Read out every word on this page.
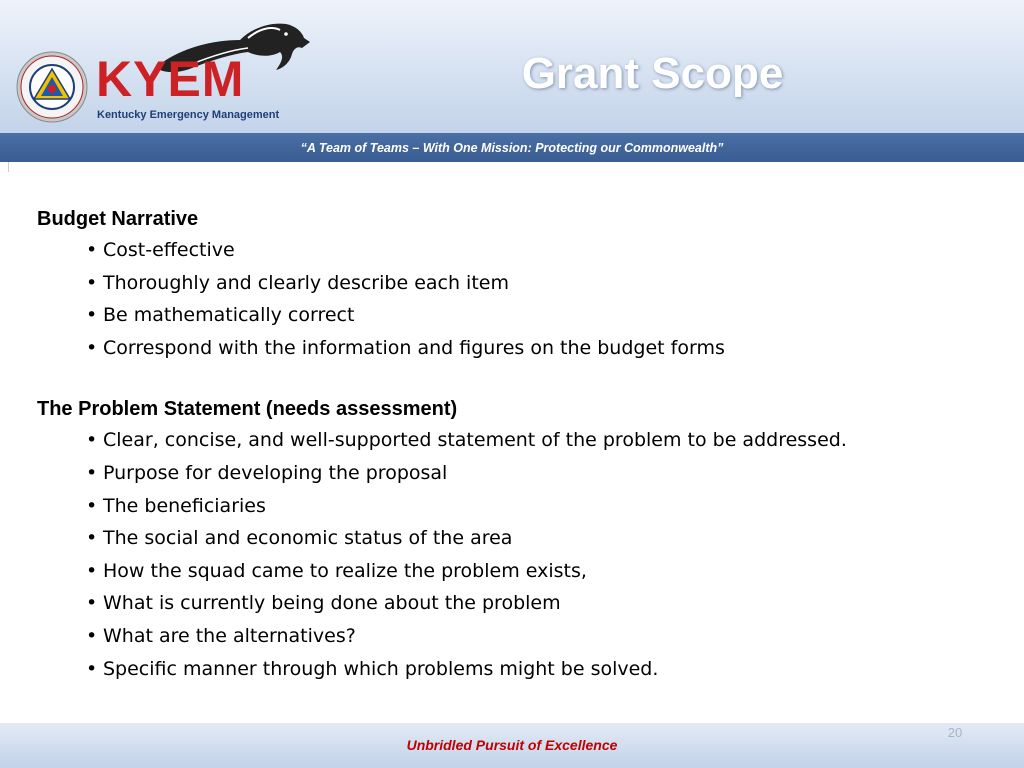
KYEM
Kentucky Emergency Management
Grant Scope
“A Team of Teams – With One Mission: Protecting our Commonwealth”
Budget Narrative
• Cost-effective
• Thoroughly and clearly describe each item
• Be mathematically correct
• Correspond with the information and figures on the budget forms
The Problem Statement (needs assessment)
• Clear, concise, and well-supported statement of the problem to be addressed.
• Purpose for developing the proposal
• The beneficiaries
• The social and economic status of the area
• How the squad came to realize the problem exists,
• What is currently being done about the problem
• What are the alternatives?
• Specific manner through which problems might be solved.
20
Unbridled Pursuit of Excellence
